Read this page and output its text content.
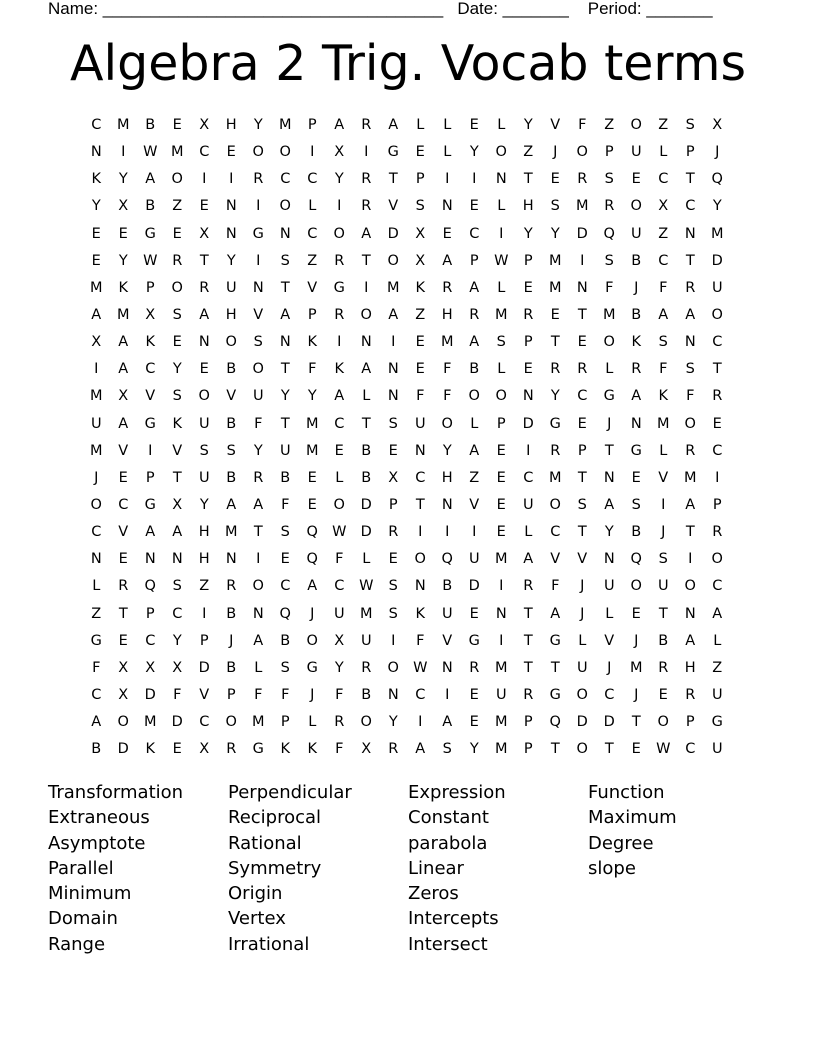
Name: ____________________________________   Date: _______    Period: _______
Algebra 2 Trig. Vocab terms
C	M	B	E	X	H	Y	M	P	A	R	A	L	L	E	L	Y	V	F	Z	O	Z	S	X
N	I	W M	C	E	O	O	I	X	I	G	E	L	Y	O	Z	J	O	P	U	L	P	J
K	Y	A	O	I	I	R	C	C	Y	R	T	P	I	I	N	T	E	R	S	E	C	T	Q
Y	X	B	Z	E	N	I	O	L	I	R	V	S	N	E	L	H	S	M	R	O	X	C	Y
E	E	G	E	X	N	G	N	C	O	A	D	X	E	C	I	Y	Y	D	Q	U	Z	N	M
E	Y	W R	T	Y	I	S	Z	R	T	O	X	A	P	W	P	M	I	S	B	C	T	D
M	K	P	O	R	U	N	T	V	G	I	M	K	R	A	L	E	M	N	F	J	F	R	U
A	M	X	S	A	H	V	A	P	R	O	A	Z	H	R	M	R	E	T	M	B	A	A	O
X	A	K	E	N	O	S	N	K	I	N	I	E	M	A	S	P	T	E	O	K	S	N	C
I	A	C	Y	E	B	O	T	F	K	A	N	E	F	B	L	E	R	R	L	R	F	S	T
M	X	V	S	O	V	U	Y	Y	A	L	N	F	F	O	O	N	Y	C	G	A	K	F	R
U	A	G	K	U	B	F	T	M	C	T	S	U	O	L	P	D	G	E	J	N	M	O	E
M	V	I	V	S	S	Y	U	M	E	B	E	N	Y	A	E	I	R	P	T	G	L	R	C
J	E	P	T	U	B	R	B	E	L	B	X	C	H	Z	E	C	M	T	N	E	V	M	I
O	C	G	X	Y	A	A	F	E	O	D	P	T	N	V	E	U	O	S	A	S	I	A	P
C	V	A	A	H	M	T	S	Q W D	R	I	I	I	E	L	C	T	Y	B	J	T	R
N	E	N	N	H	N	I	E	Q	F	L	E	O	Q	U	M	A	V	V	N	Q	S	I	O
L	R	Q	S	Z	R	O	C	A	C W	S	N	B	D	I	R	F	J	U	O	U	O	C
Z	T	P	C	I	B	N	Q	J	U	M	S	K	U	E	N	T	A	J	L	E	T	N	A
G	E	C	Y	P	J	A	B	O	X	U	I	F	V	G	I	T	G	L	V	J	B	A	L
F	X	X	X	D	B	L	S	G	Y	R	O W N	R	M	T	T	U	J	M	R	H	Z
C	X	D	F	V	P	F	F	J	F	B	N	C	I	E	U	R	G	O	C	J	E	R	U
A	O	M	D	C	O	M	P	L	R	O	Y	I	A	E	M	P	Q	D	D	T	O	P	G
B	D	K	E	X	R	G	K	K	F	X	R	A	S	Y	M	P	T	O	T	E	W C	U
Transformation
Extraneous
Asymptote
Parallel
Minimum
Domain
Range
Perpendicular
Reciprocal
Rational
Symmetry
Origin
Vertex
Irrational
Expression
Constant
parabola
Linear
Zeros
Intercepts
Intersect
Function
Maximum
Degree
slope
